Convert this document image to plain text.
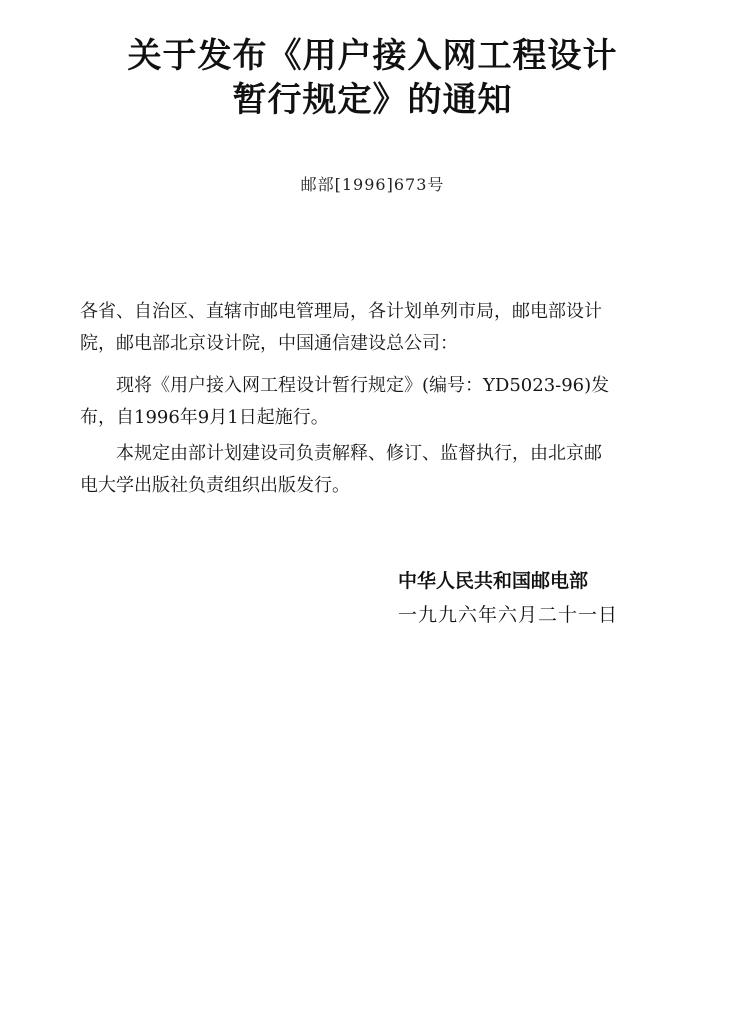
关于发布《用户接入网工程设计
暂行规定》的通知
邮部[1996]673号
各省、自治区、直辖市邮电管理局，各计划单列市局，邮电部设计
院，邮电部北京设计院，中国通信建设总公司：
现将《用户接入网工程设计暂行规定》(编号：YD5023-96)发
布，自1996年9月1日起施行。
本规定由部计划建设司负责解释、修订、监督执行，由北京邮
电大学出版社负责组织出版发行。
中华人民共和国邮电部
一九九六年六月二十一日
